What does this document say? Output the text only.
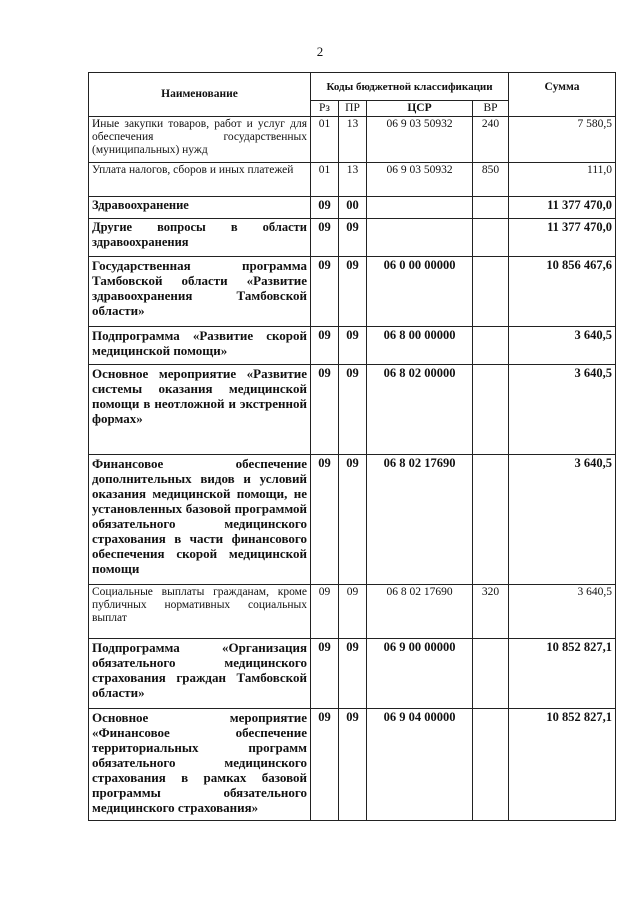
2
Наименование	Коды бюджетной классификации				Сумма
	Рз	ПР	ЦСР	ВР	
Иные закупки товаров, работ и услуг для обеспечения государственных (муниципальных) нужд	01	13	06 9 03 50932	240	7 580,5
Уплата налогов, сборов и иных платежей	01	13	06 9 03 50932	850	111,0
Здравоохранение	09	00			11 377 470,0
Другие вопросы в области здравоохранения	09	09			11 377 470,0
Государственная программа Тамбовской области «Развитие здравоохранения Тамбовской области»	09	09	06 0 00 00000		10 856 467,6
Подпрограмма «Развитие скорой медицинской помощи»	09	09	06 8 00 00000		3 640,5
Основное мероприятие «Развитие системы оказания медицинской помощи в неотложной и экстренной формах»	09	09	06 8 02 00000		3 640,5
Финансовое обеспечение дополнительных видов и условий оказания медицинской помощи, не установленных базовой программой обязательного медицинского страхования в части финансового обеспечения скорой медицинской помощи	09	09	06 8 02 17690		3 640,5
Социальные выплаты гражданам, кроме публичных нормативных социальных выплат	09	09	06 8 02 17690	320	3 640,5
Подпрограмма «Организация обязательного медицинского страхования граждан Тамбовской области»	09	09	06 9 00 00000		10 852 827,1
Основное мероприятие «Финансовое обеспечение территориальных программ обязательного медицинского страхования в рамках базовой программы обязательного медицинского страхования»	09	09	06 9 04 00000		10 852 827,1
